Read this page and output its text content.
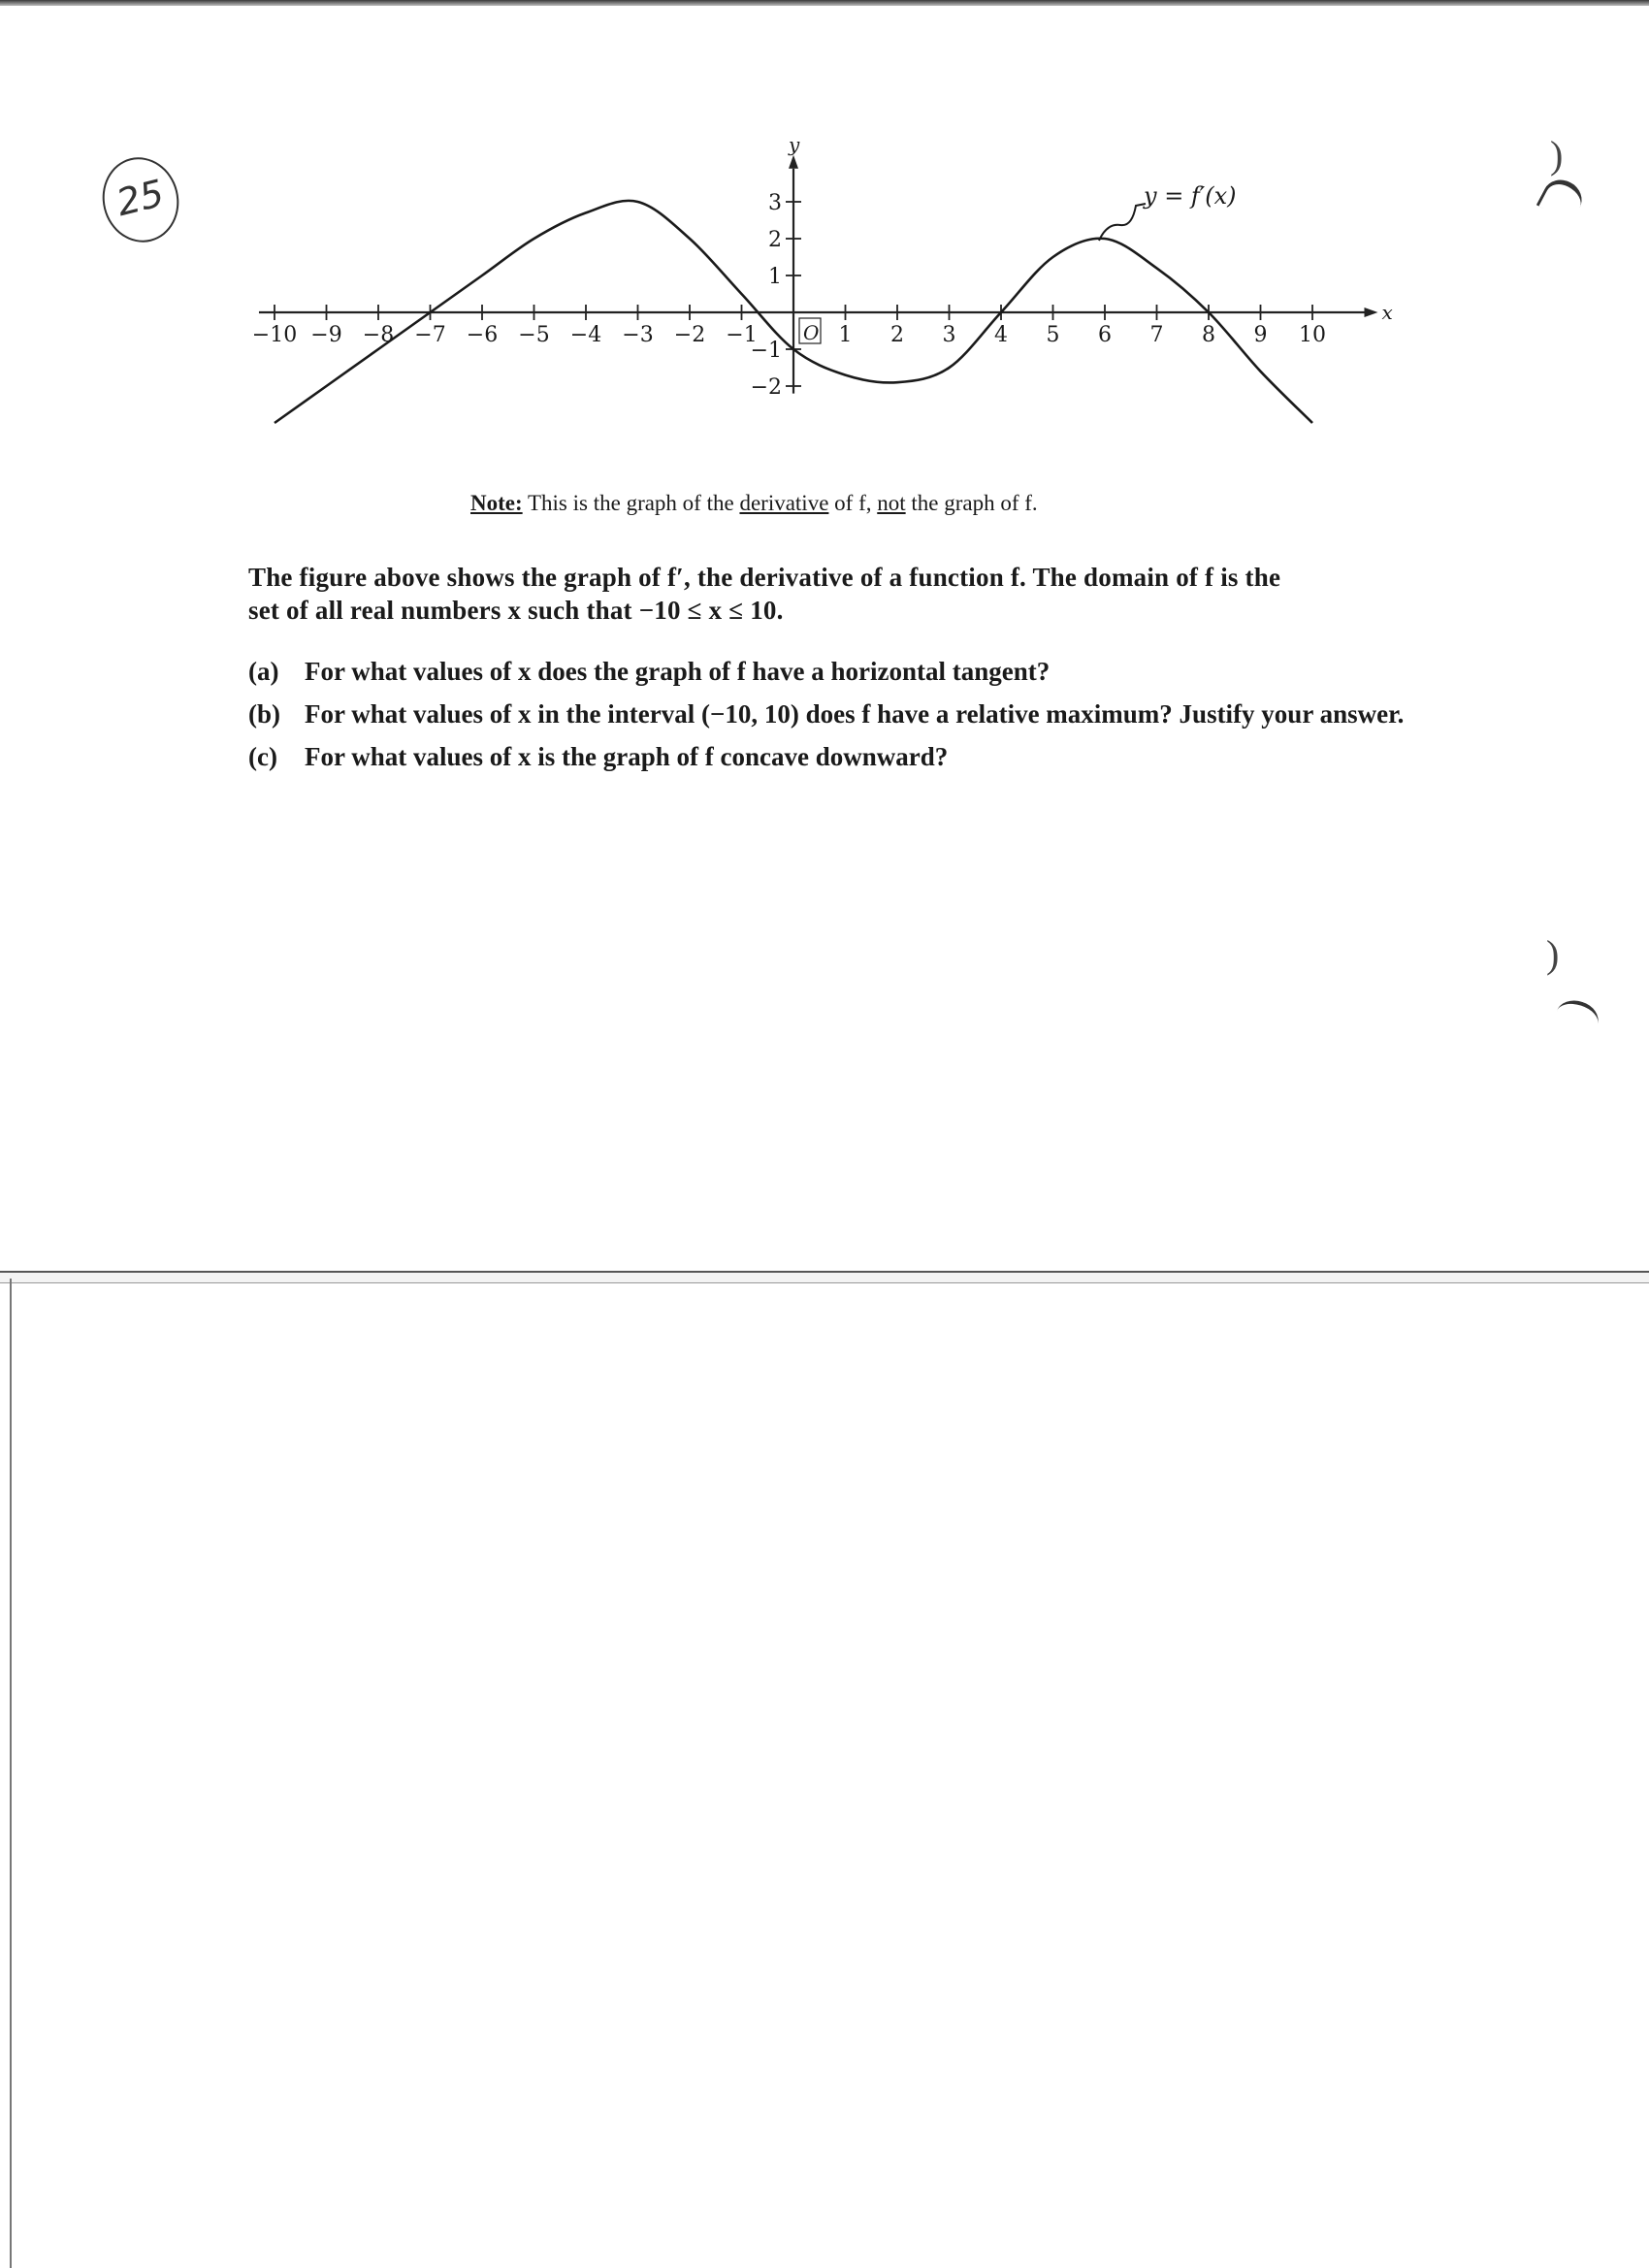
25
)
)
x
y
−10 −9 −8 −7 −6 −5 −4 −3 −2 −1	1 2 3 4 5 6 7 8 9 10
−2
−1
1
2
3
O
y = f′(x)
Note: This is the graph of the derivative of f, not the graph of f.
The figure above shows the graph of f′, the derivative of a function f. The domain of f is the
set of all real numbers x such that −10 ≤ x ≤ 10.
(a) For what values of x does the graph of f have a horizontal tangent?
(b) For what values of x in the interval (−10, 10) does f have a relative maximum? Justify your answer.
(c) For what values of x is the graph of f concave downward?
